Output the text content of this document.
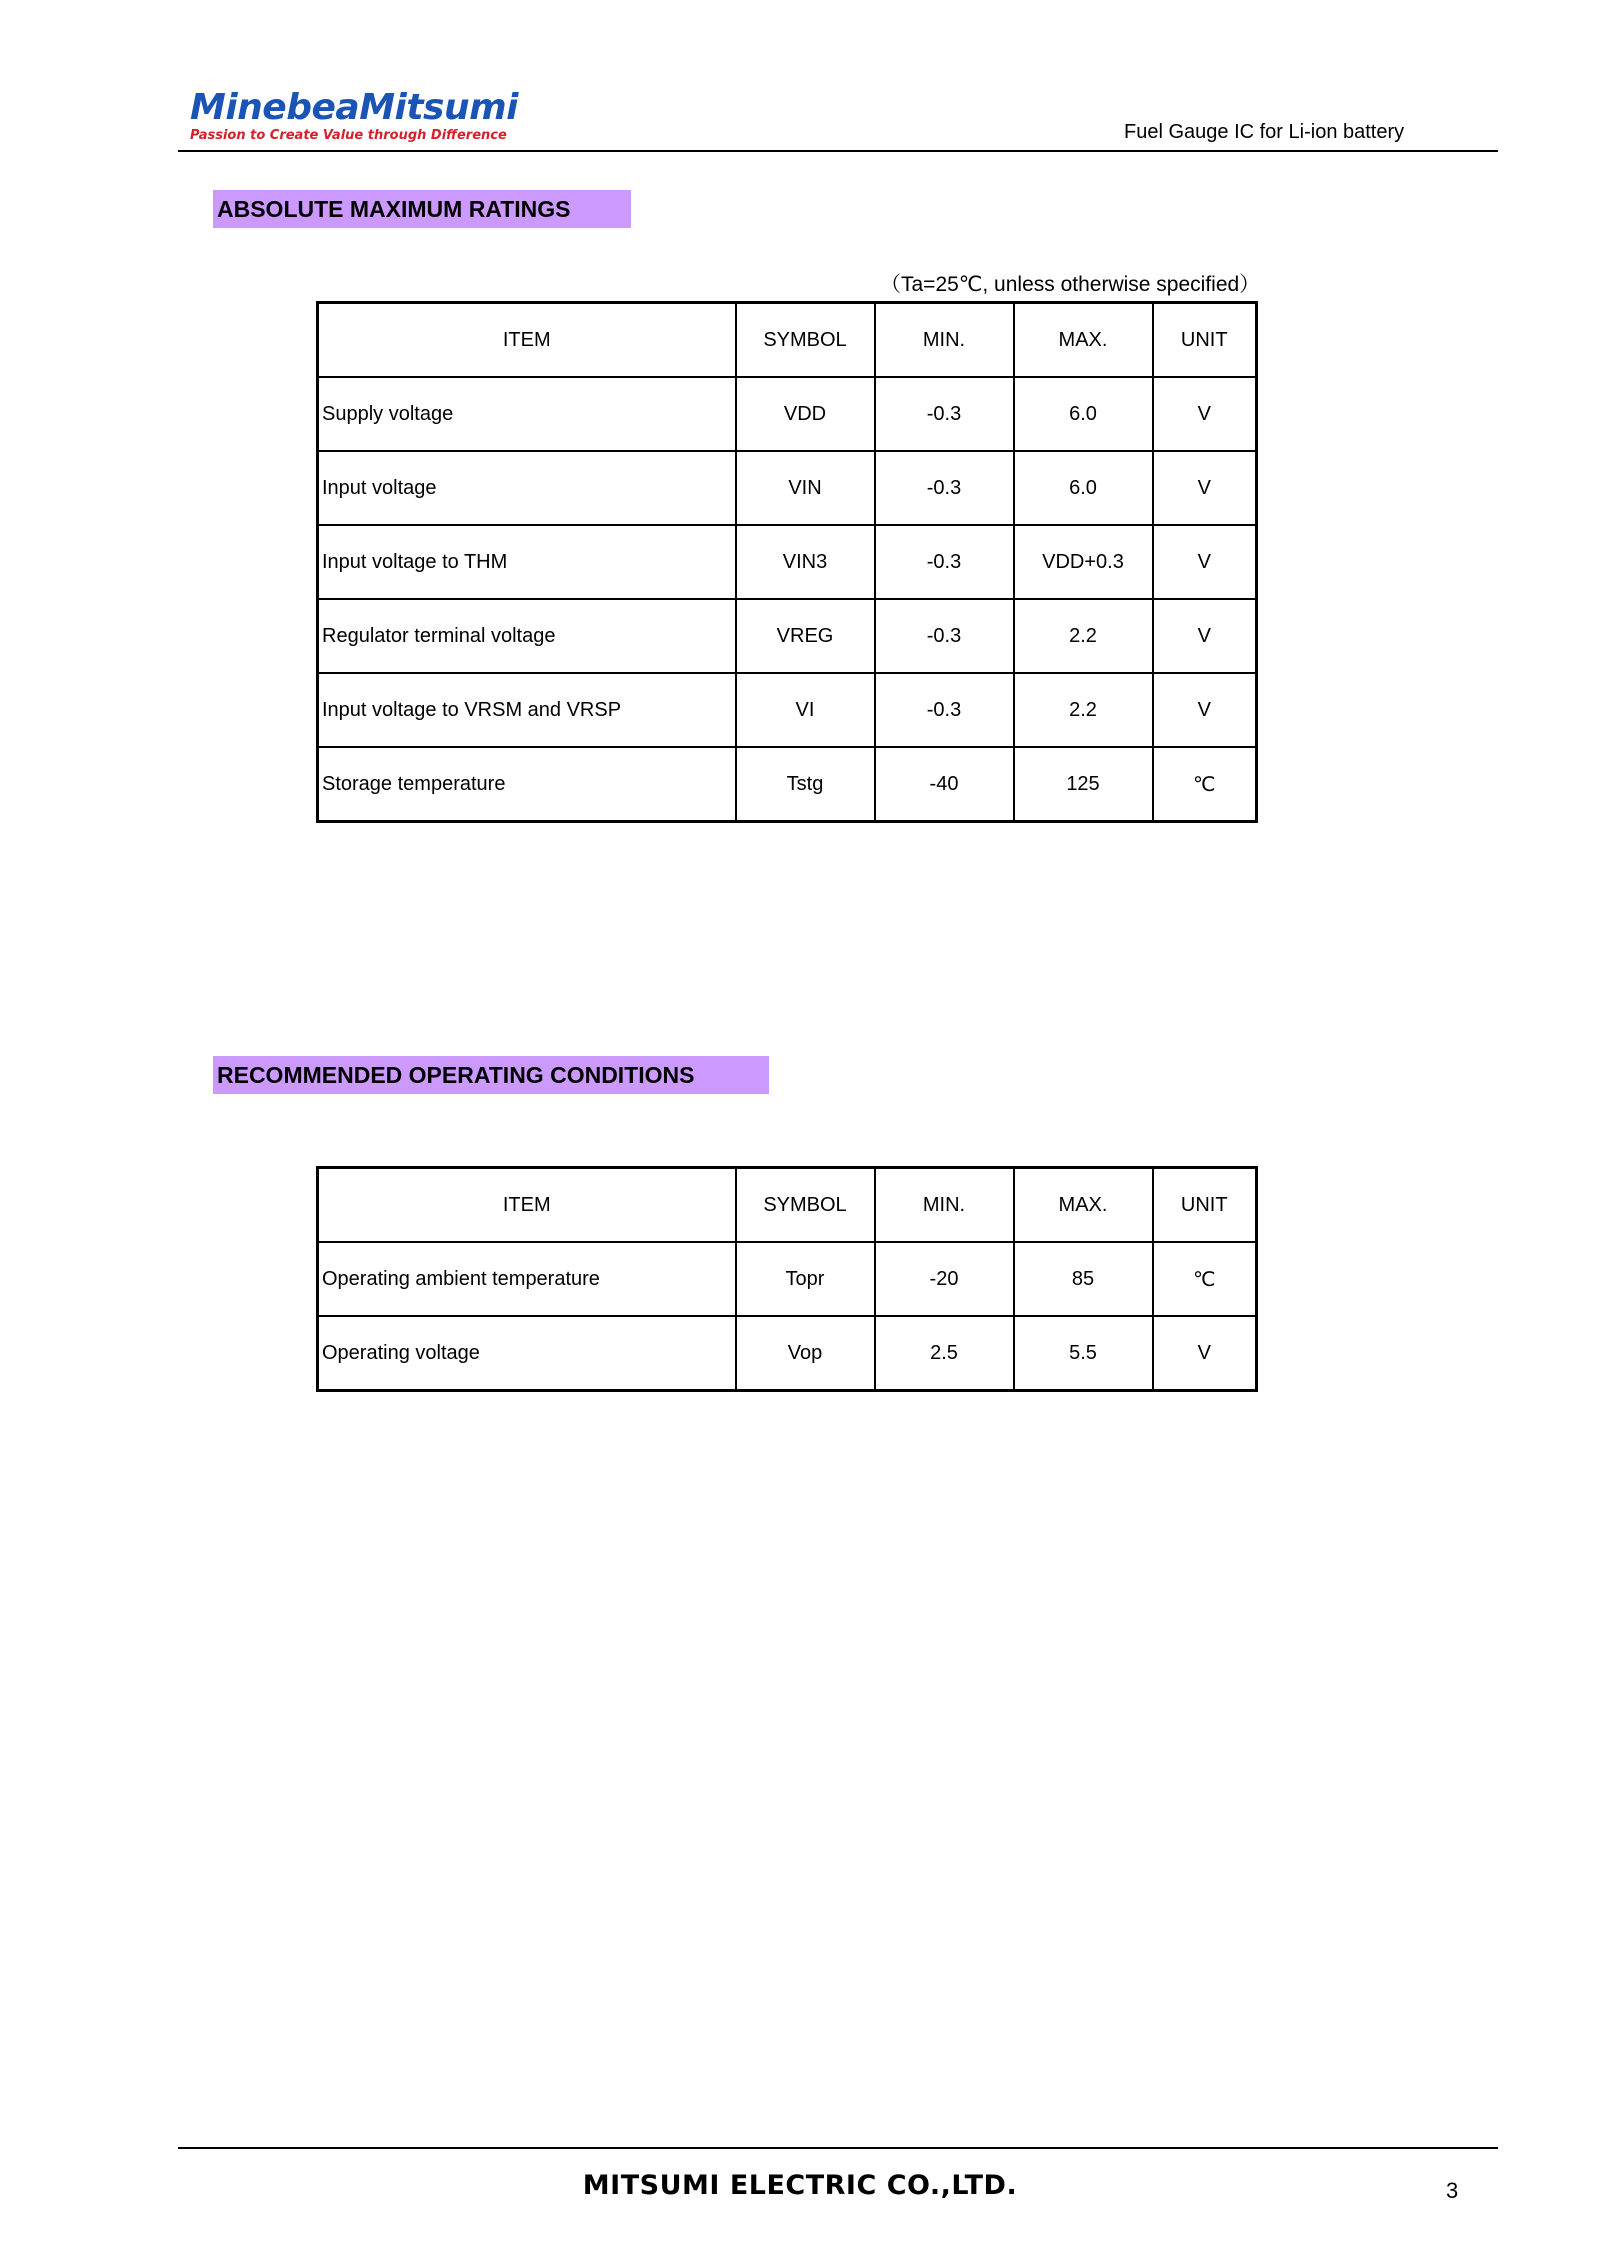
MinebeaMitsumi
Passion to Create Value through Difference	Fuel Gauge IC for Li-ion battery
ABSOLUTE MAXIMUM RATINGS
（Ta=25℃, unless otherwise specified）
ITEM	SYMBOL	MIN.	MAX.	UNIT
Supply voltage	VDD	-0.3	6.0	V
Input voltage	VIN	-0.3	6.0	V
Input voltage to THM	VIN3	-0.3	VDD+0.3	V
Regulator terminal voltage	VREG	-0.3	2.2	V
Input voltage to VRSM and VRSP	VI	-0.3	2.2	V
Storage temperature	Tstg	-40	125	℃
RECOMMENDED OPERATING CONDITIONS
ITEM	SYMBOL	MIN.	MAX.	UNIT
Operating ambient temperature	Topr	-20	85	℃
Operating voltage	Vop	2.5	5.5	V
MITSUMI ELECTRIC CO.,LTD.	3
